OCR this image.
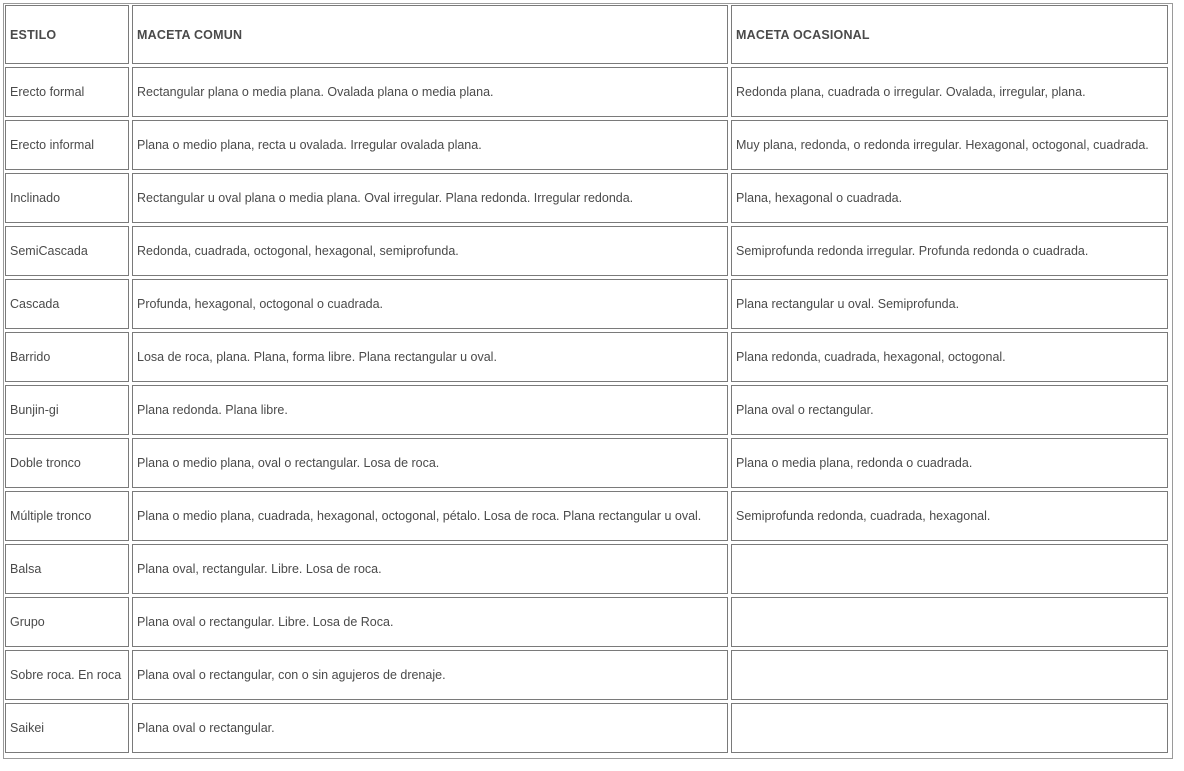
ESTILO	MACETA COMUN	MACETA OCASIONAL
Erecto formal	Rectangular plana o media plana. Ovalada plana o media plana.	Redonda plana, cuadrada o irregular. Ovalada, irregular, plana.
Erecto informal	Plana o medio plana, recta u ovalada. Irregular ovalada plana.	Muy plana, redonda, o redonda irregular. Hexagonal, octogonal, cuadrada.
Inclinado	Rectangular u oval plana o media plana. Oval irregular. Plana redonda. Irregular redonda.	Plana, hexagonal o cuadrada.
SemiCascada	Redonda, cuadrada, octogonal, hexagonal, semiprofunda.	Semiprofunda redonda irregular. Profunda redonda o cuadrada.
Cascada	Profunda, hexagonal, octogonal o cuadrada.	Plana rectangular u oval. Semiprofunda.
Barrido	Losa de roca, plana. Plana, forma libre. Plana rectangular u oval.	Plana redonda, cuadrada, hexagonal, octogonal.
Bunjin-gi	Plana redonda. Plana libre.	Plana oval o rectangular.
Doble tronco	Plana o medio plana, oval o rectangular. Losa de roca.	Plana o media plana, redonda o cuadrada.
Múltiple tronco	Plana o medio plana, cuadrada, hexagonal, octogonal, pétalo. Losa de roca. Plana rectangular u oval.	Semiprofunda redonda, cuadrada, hexagonal.
Balsa	Plana oval, rectangular. Libre. Losa de roca.	
Grupo	Plana oval o rectangular. Libre. Losa de Roca.	
Sobre roca. En roca	Plana oval o rectangular, con o sin agujeros de drenaje.	
Saikei	Plana oval o rectangular.	
